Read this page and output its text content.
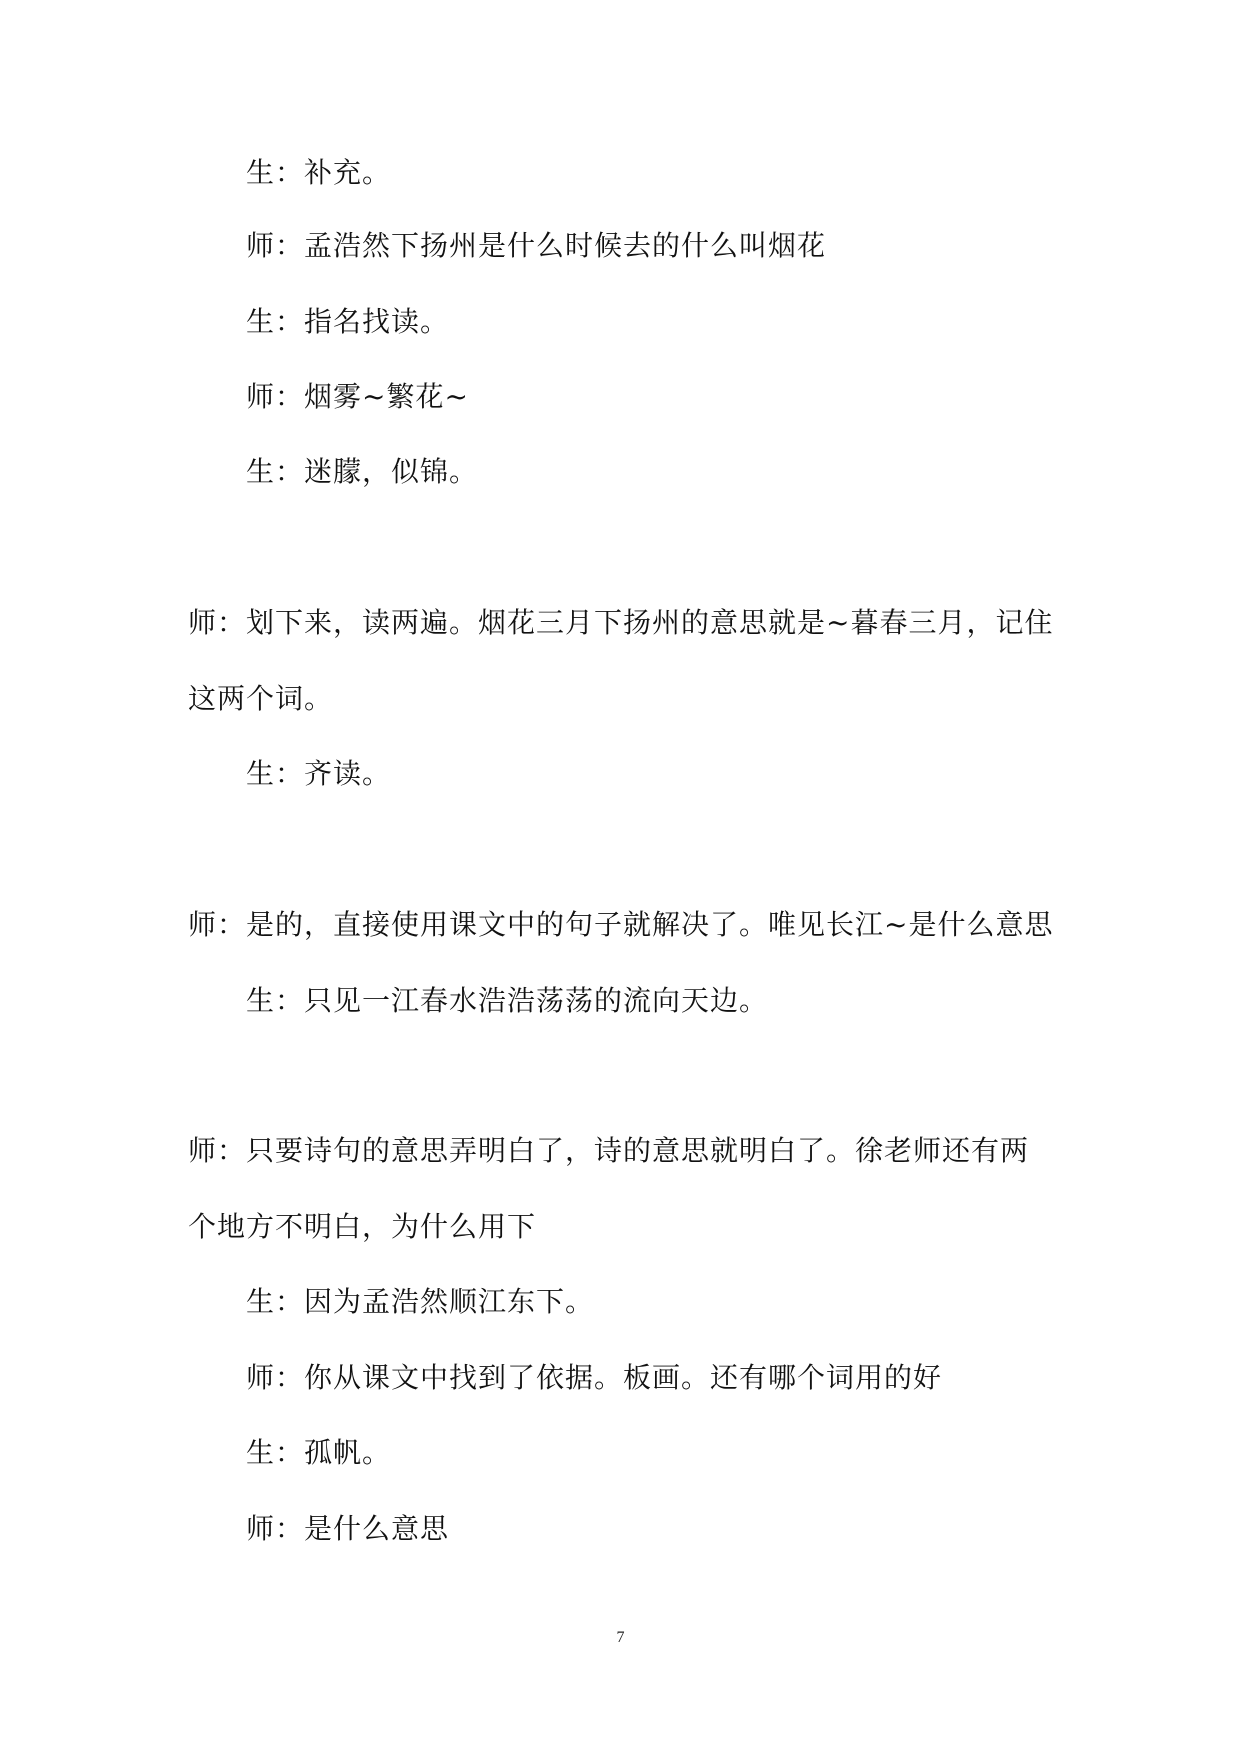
生：补充。
师：孟浩然下扬州是什么时候去的什么叫烟花
生：指名找读。
师：烟雾~繁花~
生：迷朦，似锦。
师：划下来，读两遍。烟花三月下扬州的意思就是~暮春三月，记住
这两个词。
生：齐读。
师：是的，直接使用课文中的句子就解决了。唯见长江~是什么意思
生：只见一江春水浩浩荡荡的流向天边。
师：只要诗句的意思弄明白了，诗的意思就明白了。徐老师还有两
个地方不明白，为什么用下
生：因为孟浩然顺江东下。
师：你从课文中找到了依据。板画。还有哪个词用的好
生：孤帆。
师：是什么意思
7
